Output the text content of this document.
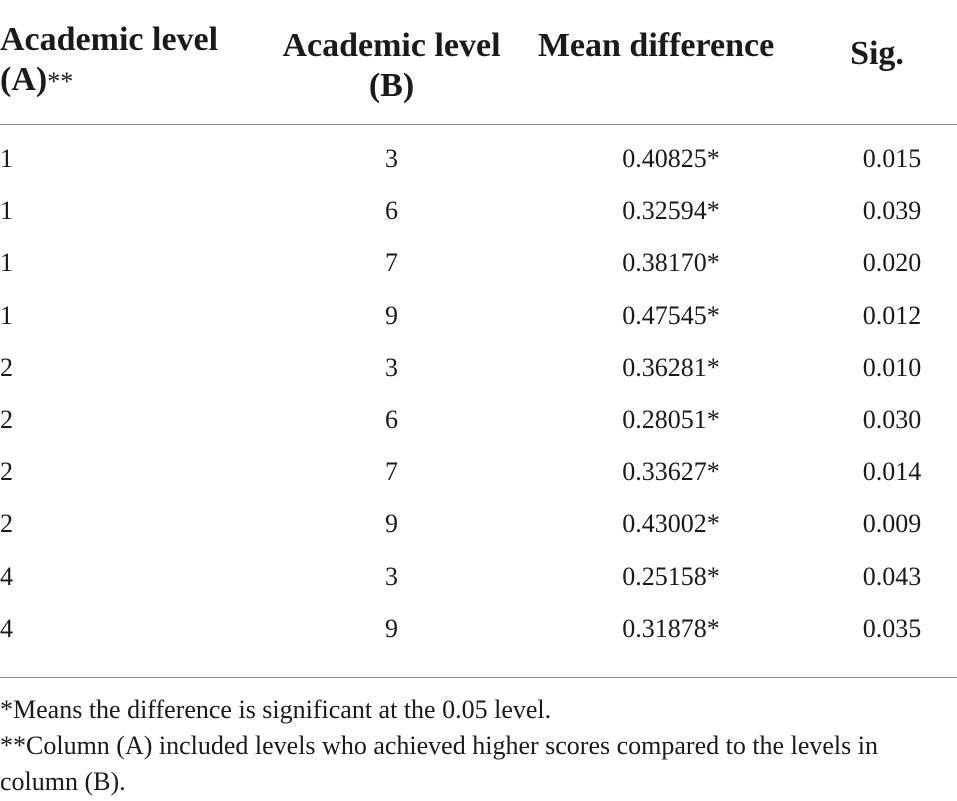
Academic level (A)**	Academic level (B)	Mean difference	Sig.
1	3	0.40825*	0.015
1	6	0.32594*	0.039
1	7	0.38170*	0.020
1	9	0.47545*	0.012
2	3	0.36281*	0.010
2	6	0.28051*	0.030
2	7	0.33627*	0.014
2	9	0.43002*	0.009
4	3	0.25158*	0.043
4	9	0.31878*	0.035
*Means the difference is significant at the 0.05 level.
**Column (A) included levels who achieved higher scores compared to the levels in
column (B).
